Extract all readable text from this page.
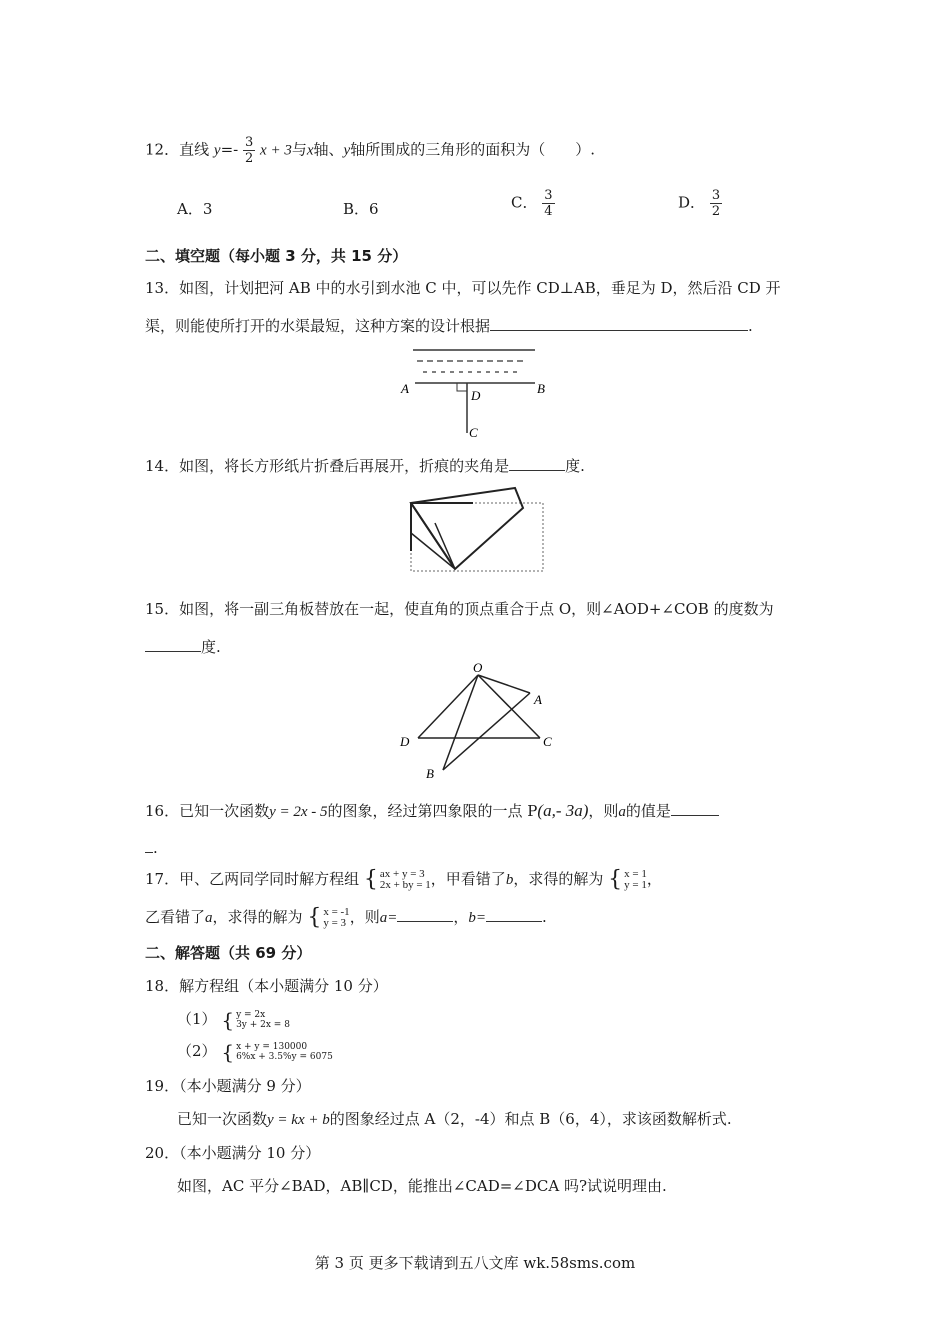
12．直线 $y=- \frac{3}{2}$ x + 3与x轴、y轴所围成的三角形的面积为（　　）.
A．3	B．6	C． $\frac{3}{4}$	D． $\frac{3}{2}$
二、填空题（每小题 3 分，共 15 分）
13．如图，计划把河 AB 中的水引到水池 C 中，可以先作 CD⊥AB，垂足为 D，然后沿 CD 开
渠，则能使所打开的水渠最短，这种方案的设计根据	.
A	B
D
C
14．如图，将长方形纸片折叠后再展开，折痕的夹角是	度.
15．如图，将一副三角板替放在一起，使直角的顶点重合于点 O，则∠AOD+∠COB 的度数为
度.
O
A
D	C
B
16．已知一次函数y = 2x - 5的图象，经过第四象限的一点 P(a,- 3a)，则a的值是
.
17．甲、乙两同学同时解方程组 { ax + y = 3
2x + by = 1 ，甲看错了b，求得的解为 { x = 1
y = 1 ，
乙看错了a，求得的解为 { x = -1
y = 3 ，则a=	，b=	.
二、解答题（共 69 分）
18．解方程组（本小题满分 10 分）
（1） { y = 2x
3y + 2x = 8
（2） { x + y = 130000
6%x + 3.5%y = 6075
19．（本小题满分 9 分）
已知一次函数y = kx + b的图象经过点 A（2，-4）和点 B（6，4），求该函数解析式.
20．（本小题满分 10 分）
如图，AC 平分∠BAD，AB∥CD，能推出∠CAD=∠DCA 吗?试说明理由.
第 3 页 更多下载请到五八文库 wk.58sms.com
